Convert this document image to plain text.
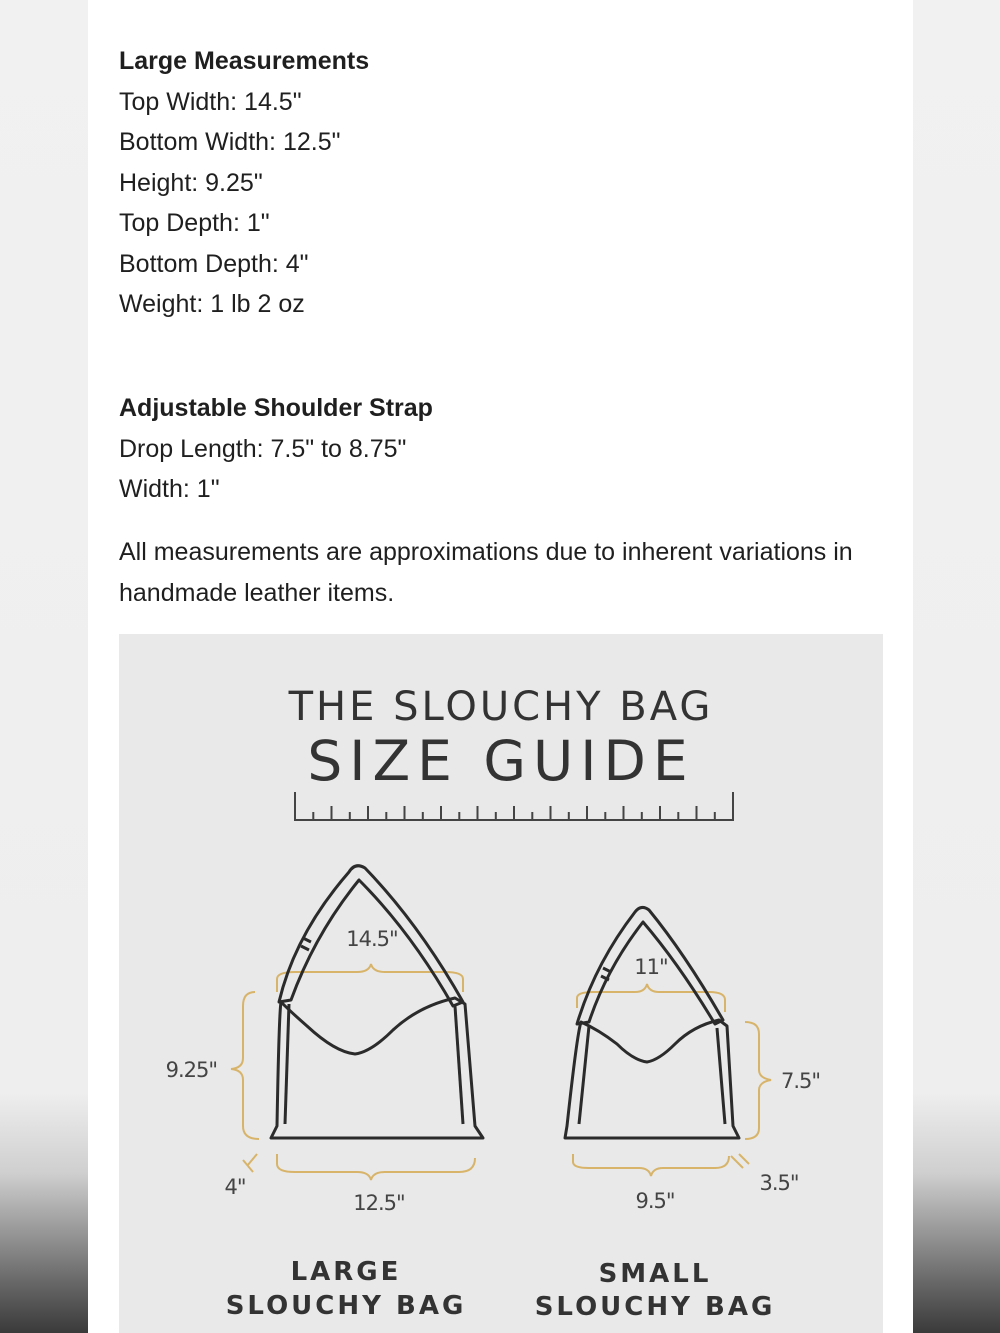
Large Measurements
Top Width: 14.5"
Bottom Width: 12.5"
Height: 9.25"
Top Depth: 1"
Bottom Depth: 4"
Weight: 1 lb 2 oz
Adjustable Shoulder Strap
Drop Length: 7.5" to 8.75"
Width: 1"
All measurements are approximations due to inherent variations in handmade leather items.
THE SLOUCHY BAG
SIZE GUIDE
14.5"
9.25"
4"
12.5"
LARGE
SLOUCHY BAG
11"
7.5"
3.5"
9.5"
SMALL
SLOUCHY BAG
